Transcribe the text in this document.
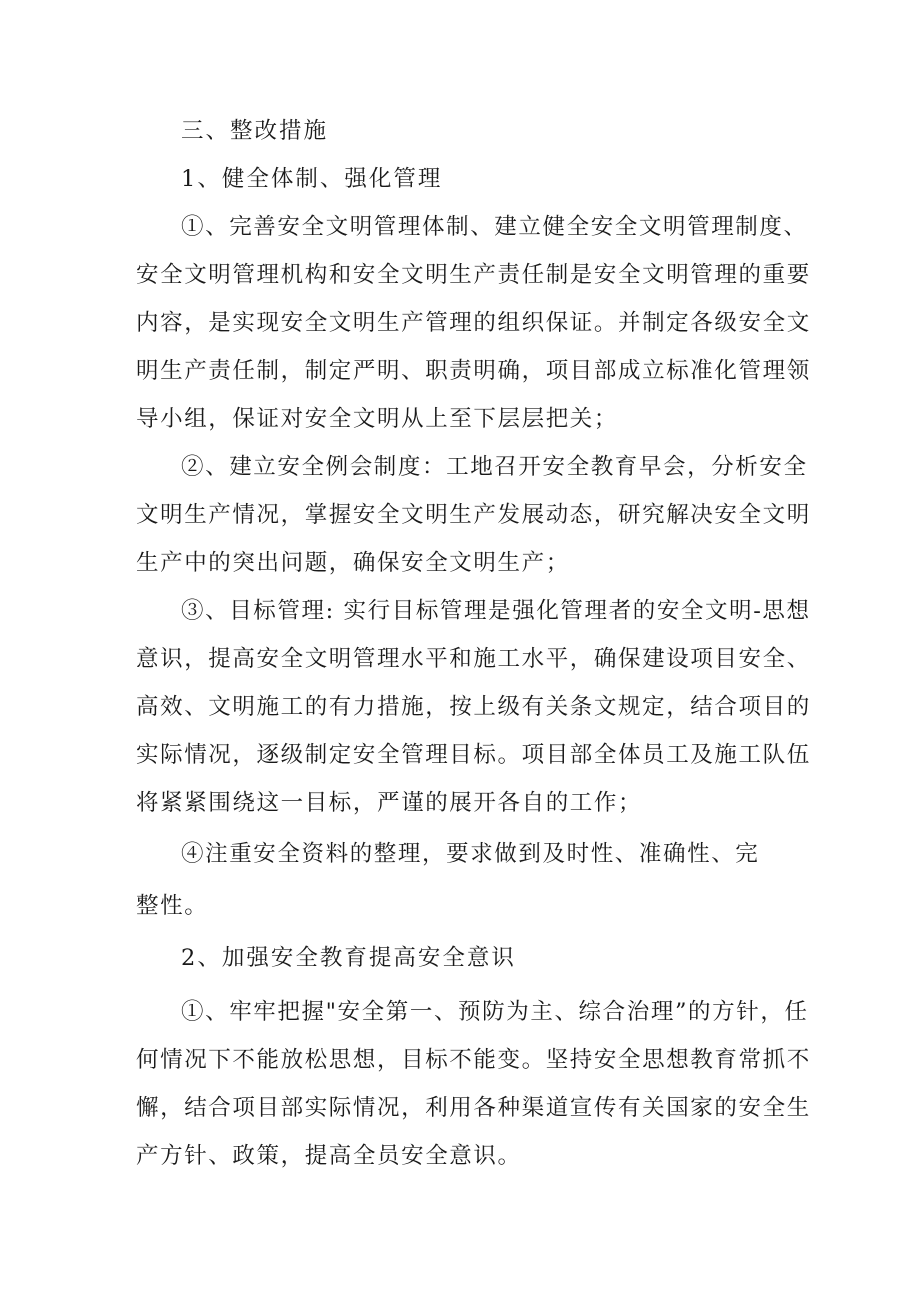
三、整改措施
1、健全体制、强化管理
①、完善安全文明管理体制、建立健全安全文明管理制度、
安全文明管理机构和安全文明生产责任制是安全文明管理的重要
内容，是实现安全文明生产管理的组织保证。并制定各级安全文
明生产责任制，制定严明、职责明确，项目部成立标准化管理领
导小组，保证对安全文明从上至下层层把关；
②、建立安全例会制度：工地召开安全教育早会，分析安全
文明生产情况，掌握安全文明生产发展动态，研究解决安全文明
生产中的突出问题，确保安全文明生产；
③、目标管理: 实行目标管理是强化管理者的安全文明-思想
意识，提高安全文明管理水平和施工水平，确保建设项目安全、
高效、文明施工的有力措施，按上级有关条文规定，结合项目的
实际情况，逐级制定安全管理目标。项目部全体员工及施工队伍
将紧紧围绕这一目标，严谨的展开各自的工作；
④注重安全资料的整理，要求做到及时性、准确性、完
整性。
2、加强安全教育提高安全意识
①、牢牢把握"安全第一、预防为主、综合治理”的方针，任
何情况下不能放松思想，目标不能变。坚持安全思想教育常抓不
懈，结合项目部实际情况，利用各种渠道宣传有关国家的安全生
产方针、政策，提高全员安全意识。
